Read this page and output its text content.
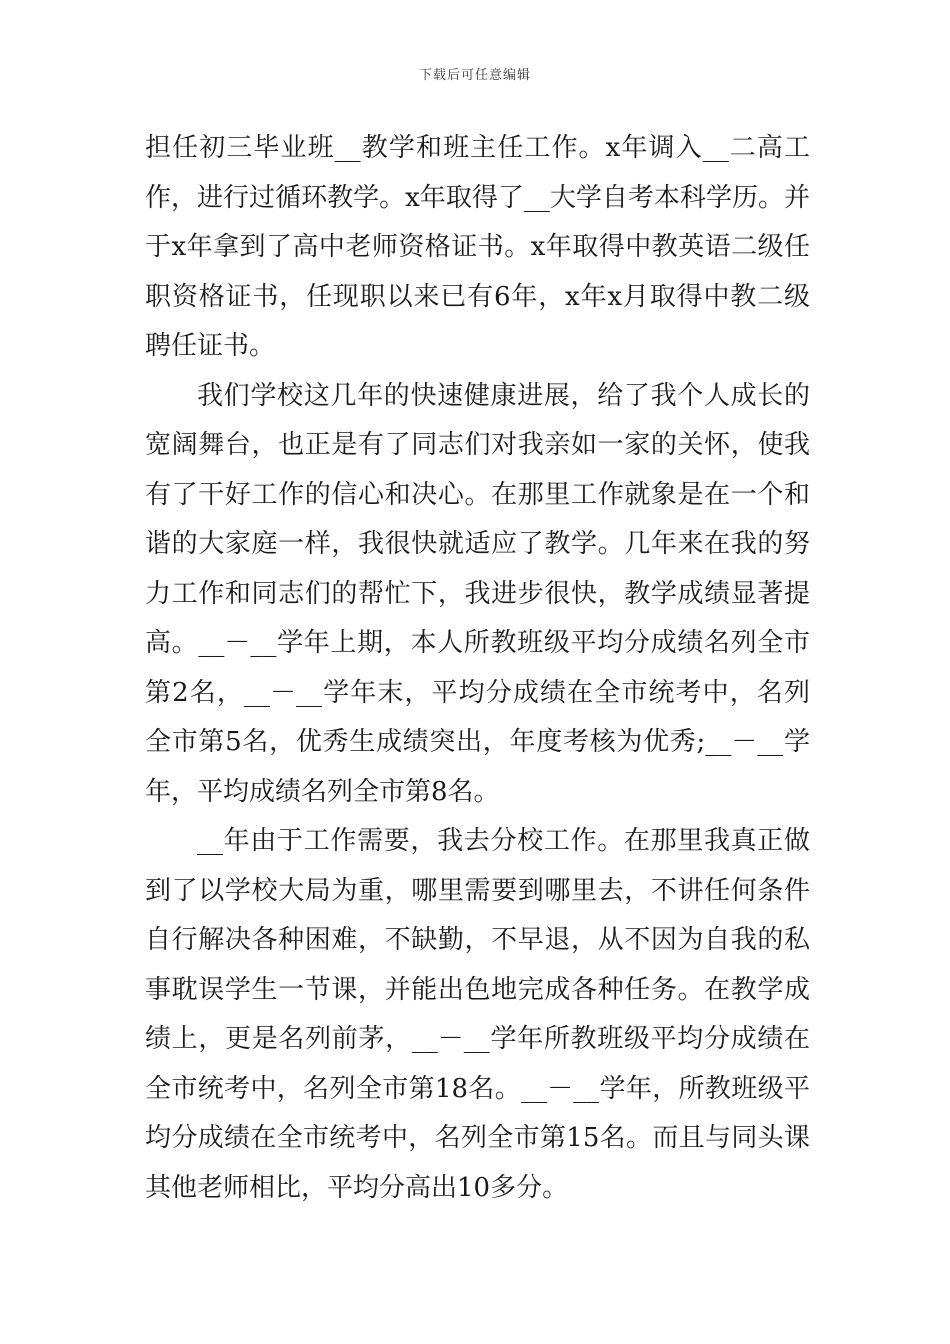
下载后可任意编辑

担任初三毕业班__教学和班主任工作。x年调入__二高工作，进行过循环教学。x年取得了__大学自考本科学历。并于x年拿到了高中老师资格证书。x年取得中教英语二级任职资格证书，任现职以来已有6年，x年x月取得中教二级聘任证书。

我们学校这几年的快速健康进展，给了我个人成长的宽阔舞台，也正是有了同志们对我亲如一家的关怀，使我有了干好工作的信心和决心。在那里工作就象是在一个和谐的大家庭一样，我很快就适应了教学。几年来在我的努力工作和同志们的帮忙下，我进步很快，教学成绩显著提高。__－__学年上期，本人所教班级平均分成绩名列全市第2名，__－__学年末，平均分成绩在全市统考中，名列全市第5名，优秀生成绩突出，年度考核为优秀;__－__学年，平均成绩名列全市第8名。

__年由于工作需要，我去分校工作。在那里我真正做到了以学校大局为重，哪里需要到哪里去，不讲任何条件自行解决各种困难，不缺勤，不早退，从不因为自我的私事耽误学生一节课，并能出色地完成各种任务。在教学成绩上，更是名列前茅，__－__学年所教班级平均分成绩在全市统考中，名列全市第18名。__－__学年，所教班级平均分成绩在全市统考中，名列全市第15名。而且与同头课其他老师相比，平均分高出10多分。
